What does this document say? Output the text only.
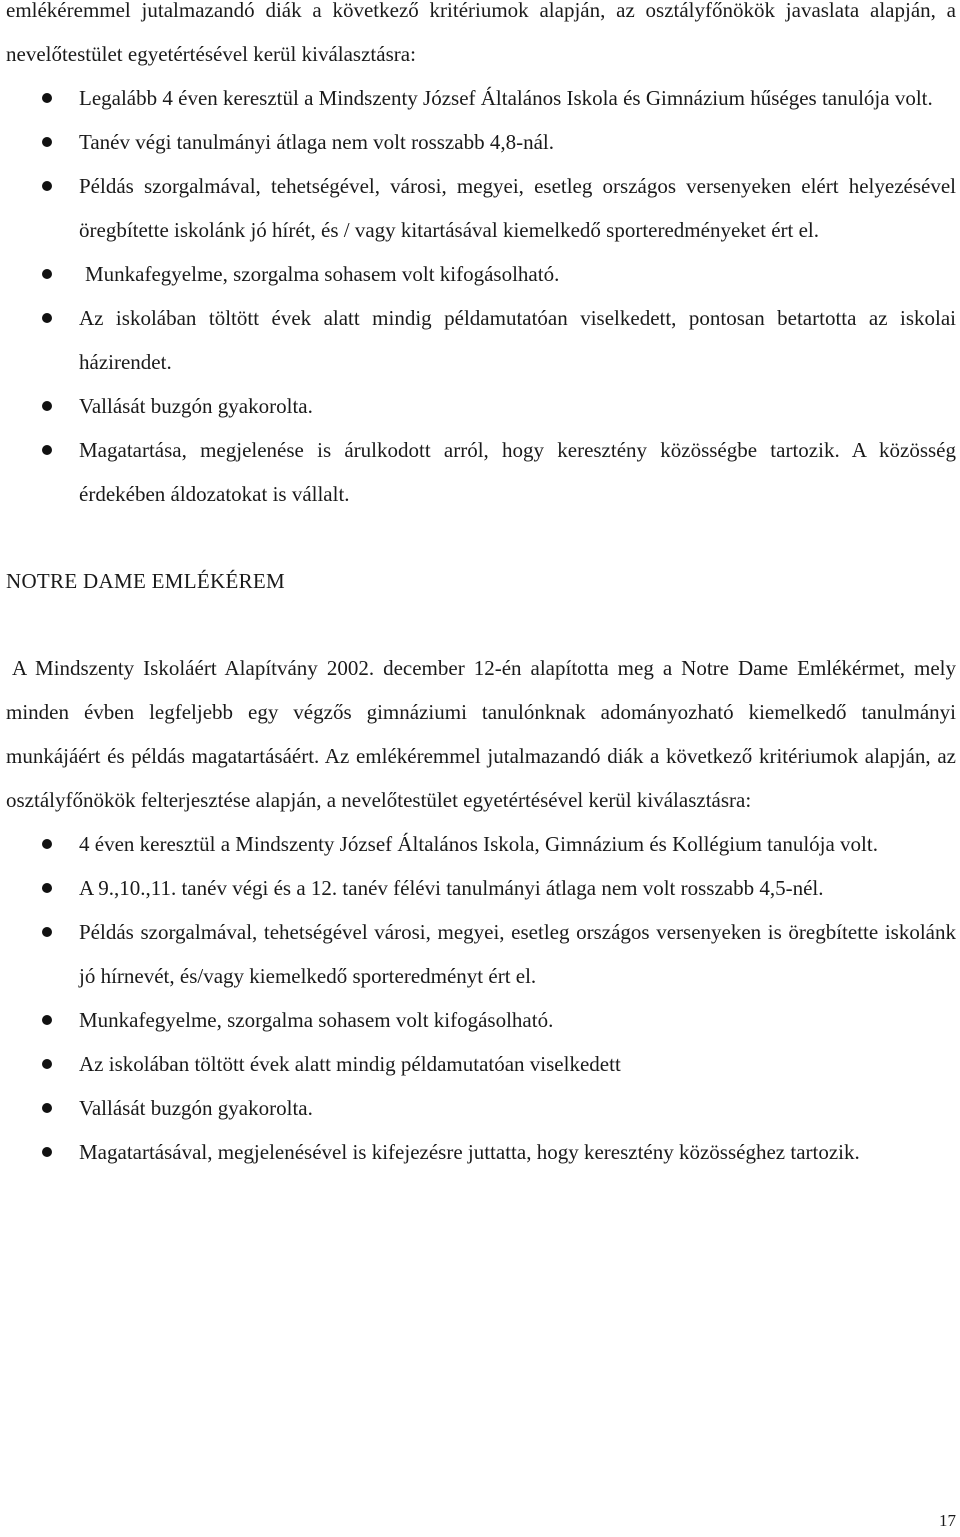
emlékéremmel jutalmazandó diák a következő kritériumok alapján, az osztályfőnökök javaslata alapján, a nevelőtestület egyetértésével kerül kiválasztásra:

Legalább 4 éven keresztül a Mindszenty József Általános Iskola és Gimnázium hűséges tanulója volt.
Tanév végi tanulmányi átlaga nem volt rosszabb 4,8-nál.
Példás szorgalmával, tehetségével, városi, megyei, esetleg országos versenyeken elért helyezésével öregbítette iskolánk jó hírét, és / vagy kitartásával kiemelkedő sporteredményeket ért el.
Munkafegyelme, szorgalma sohasem volt kifogásolható.
Az iskolában töltött évek alatt mindig példamutatóan viselkedett, pontosan betartotta az iskolai házirendet.
Vallását buzgón gyakorolta.
Magatartása, megjelenése is árulkodott arról, hogy keresztény közösségbe tartozik. A közösség érdekében áldozatokat is vállalt.
NOTRE DAME EMLÉKÉREM

A Mindszenty Iskoláért Alapítvány 2002. december 12-én alapította meg a Notre Dame Emlékérmet, mely minden évben legfeljebb egy végzős gimnáziumi tanulónknak adományozható kiemelkedő tanulmányi munkájáért és példás magatartásáért. Az emlékéremmel jutalmazandó diák a következő kritériumok alapján, az osztályfőnökök felterjesztése alapján, a nevelőtestület egyetértésével kerül kiválasztásra:

4 éven keresztül a Mindszenty József Általános Iskola, Gimnázium és Kollégium tanulója volt.
A 9.,10.,11. tanév végi és a 12. tanév félévi tanulmányi átlaga nem volt rosszabb 4,5-nél.
Példás szorgalmával, tehetségével városi, megyei, esetleg országos versenyeken is öregbítette iskolánk jó hírnevét, és/vagy kiemelkedő sporteredményt ért el.
Munkafegyelme, szorgalma sohasem volt kifogásolható.
Az iskolában töltött évek alatt mindig példamutatóan viselkedett
Vallását buzgón gyakorolta.
Magatartásával, megjelenésével is kifejezésre juttatta, hogy keresztény közösséghez tartozik.
17
